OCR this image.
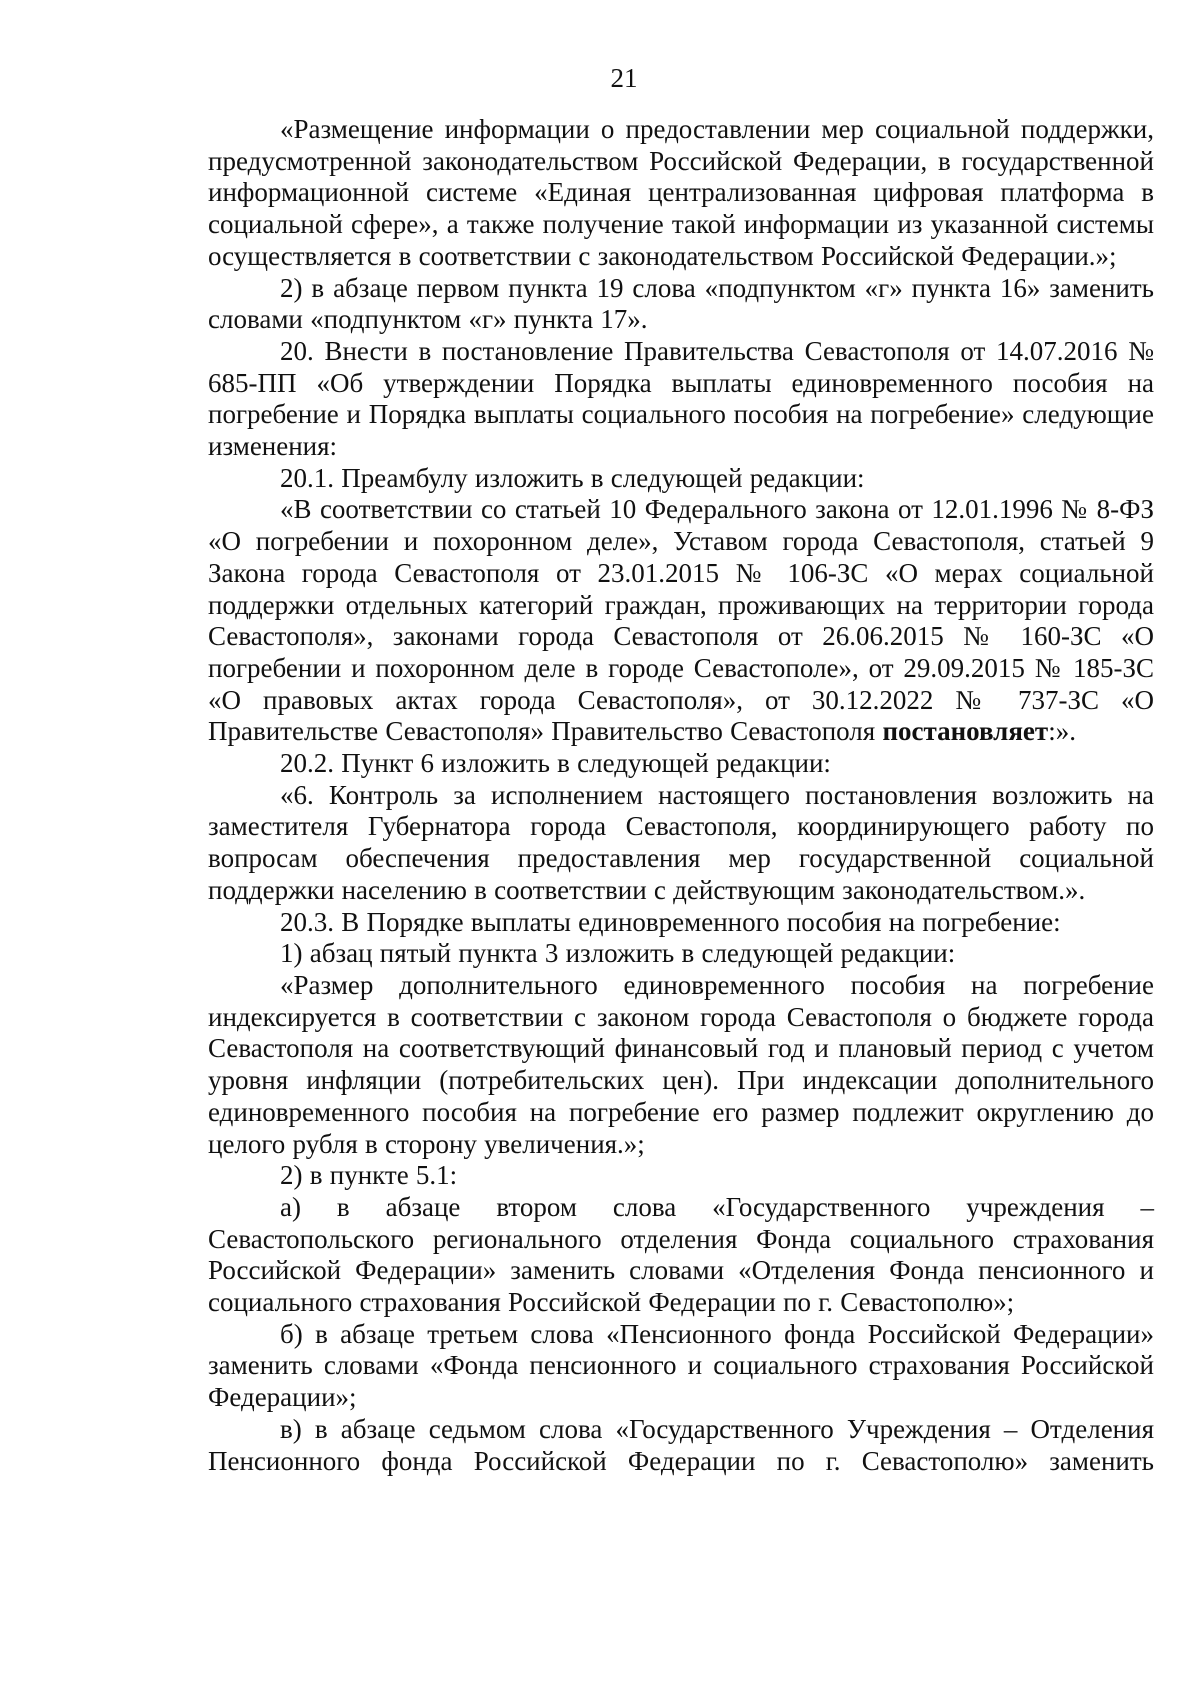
21

«Размещение информации о предоставлении мер социальной поддержки, предусмотренной законодательством Российской Федерации, в государственной информационной системе «Единая централизованная цифровая платформа в социальной сфере», а также получение такой информации из указанной системы осуществляется в соответствии с законодательством Российской Федерации.»;

2) в абзаце первом пункта 19 слова «подпунктом «г» пункта 16» заменить словами «подпунктом «г» пункта 17».

20. Внести в постановление Правительства Севастополя от 14.07.2016 № 685-ПП «Об утверждении Порядка выплаты единовременного пособия на погребение и Порядка выплаты социального пособия на погребение» следующие изменения:

20.1. Преамбулу изложить в следующей редакции:

«В соответствии со статьей 10 Федерального закона от 12.01.1996 № 8-ФЗ «О погребении и похоронном деле», Уставом города Севастополя, статьей 9 Закона города Севастополя от 23.01.2015 № 106-ЗС «О мерах социальной поддержки отдельных категорий граждан, проживающих на территории города Севастополя», законами города Севастополя от 26.06.2015 № 160-ЗС «О погребении и похоронном деле в городе Севастополе», от 29.09.2015 № 185-ЗС «О правовых актах города Севастополя», от 30.12.2022 № 737-ЗС «О Правительстве Севастополя» Правительство Севастополя постановляет:».

20.2. Пункт 6 изложить в следующей редакции:

«6. Контроль за исполнением настоящего постановления возложить на заместителя Губернатора города Севастополя, координирующего работу по вопросам обеспечения предоставления мер государственной социальной поддержки населению в соответствии с действующим законодательством.».

20.3. В Порядке выплаты единовременного пособия на погребение:

1) абзац пятый пункта 3 изложить в следующей редакции:

«Размер дополнительного единовременного пособия на погребение индексируется в соответствии с законом города Севастополя о бюджете города Севастополя на соответствующий финансовый год и плановый период с учетом уровня инфляции (потребительских цен). При индексации дополнительного единовременного пособия на погребение его размер подлежит округлению до целого рубля в сторону увеличения.»;

2) в пункте 5.1:

а) в абзаце втором слова «Государственного учреждения – Севастопольского регионального отделения Фонда социального страхования Российской Федерации» заменить словами «Отделения Фонда пенсионного и социального страхования Российской Федерации по г. Севастополю»;

б) в абзаце третьем слова «Пенсионного фонда Российской Федерации» заменить словами «Фонда пенсионного и социального страхования Российской Федерации»;

в) в абзаце седьмом слова «Государственного Учреждения – Отделения Пенсионного фонда Российской Федерации по г. Севастополю» заменить
